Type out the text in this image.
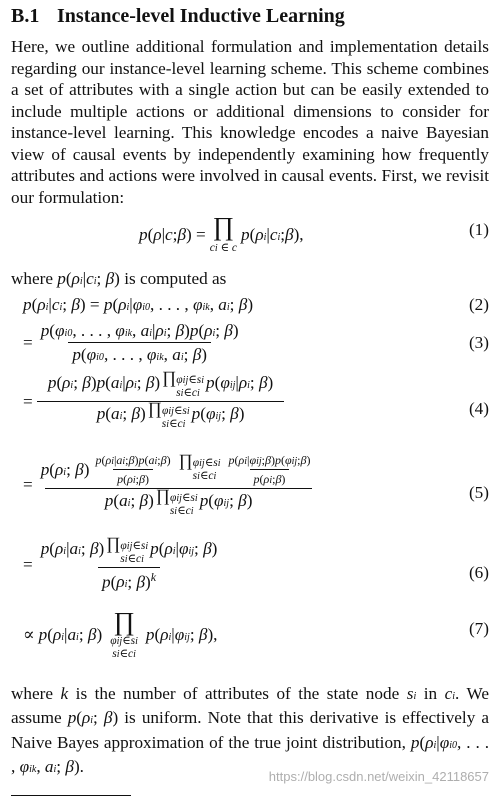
B.1 Instance-level Inductive Learning

Here, we outline additional formulation and implementation details regarding our instance-level learning scheme. This scheme combines a set of attributes with a single action but can be easily extended to include multiple actions or additional dimensions to consider for instance-level learning. This knowledge encodes a naive Bayesian view of causal events by independently examining how frequently attributes and actions were involved in causal events. First, we revisit our formulation:

p ( ρ | c ; β ) = ∏
ci ∈ c
p ( ρi | ci ; β ),	(1)
where p(ρi|ci; β) is computed as
p(ρi|ci; β) = p(ρi|φi0, . . . , φik, ai; β)	(2)
= $\frac{\text{p(φi0, . . . , φik, ai|ρi; β)p(ρi; β)}}{\text{p(φi0, . . . , φik, ai; β)}}$	(3)
=
p(ρi; β)p(ai|ρi; β) ∏φij∈si
si∈ci
p(φij|ρi; β)
p(ai; β) ∏φij∈si
si∈ci
p(φij; β)	(4)
=
p(ρi; $\beta) \frac{p(\rho i|ai;\beta)p(ai;\beta)}{p(\rho i;\beta)}$ ∏φij∈si
si∈ci $\frac{\text{p(ρi|φij;β)p(φij;β)}}{p(\rho i;\beta)}$
p(ai; β) ∏φij∈si
si∈ci
p(φij; β)	(5)
= p(ρi|ai; β) ∏φij∈si
si∈ci
p(ρi|φij; β)
p(ρi; β)$^k$	(6)
∝ p(ρi|ai; β) ∏
φij∈si
si∈ci
p(ρi|φij; β),	(7)

where k is the number of attributes of the state node si in ci. We assume p(ρi; β) is uniform. Note that this derivative is effectively a Naive Bayes approximation of the true joint distribution, p(ρi|φi0, . . . , φik, ai; β).

https://blog.csdn.net/weixin_42118657
